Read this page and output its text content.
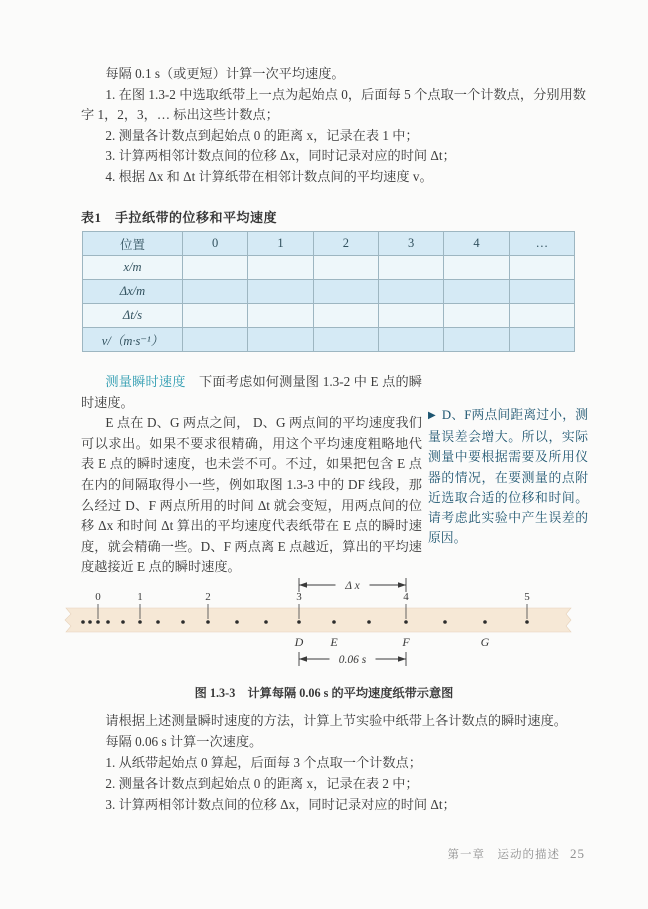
每隔 0.1 s（或更短）计算一次平均速度。

1. 在图 1.3-2 中选取纸带上一点为起始点 0，后面每 5 个点取一个计数点，分别用数字 1，2，3，… 标出这些计数点；

2. 测量各计数点到起始点 0 的距离 x，记录在表 1 中；

3. 计算两相邻计数点间的位移 Δx，同时记录对应的时间 Δt；

4. 根据 Δx 和 Δt 计算纸带在相邻计数点间的平均速度 v。

表1　手拉纸带的位移和平均速度
位置	0	1	2	3	4	…
x/m						
Δx/m						
Δt/s						
v/（m·s⁻¹）						

测量瞬时速度　下面考虑如何测量图 1.3-2 中 E 点的瞬时速度。

E 点在 D、G 两点之间， D、G 两点间的平均速度我们可以求出。如果不要求很精确，用这个平均速度粗略地代表 E 点的瞬时速度，也未尝不可。不过，如果把包含 E 点在内的间隔取得小一些，例如取图 1.3-3 中的 DF 线段，那么经过 D、F 两点所用的时间 Δt 就会变短，用两点间的位移 Δx 和时间 Δt 算出的平均速度代表纸带在 E 点的瞬时速度，就会精确一些。D、F 两点离 E 点越近，算出的平均速度越接近 E 点的瞬时速度。

▶ D、F两点间距离过小，测量误差会增大。所以，实际测量中要根据需要及所用仪器的情况，在要测量的点附近选取合适的位移和时间。请考虑此实验中产生误差的原因。
0	1	2	3	4	5
D E	F	G
Δ x
0.06 s
图 1.3-3　计算每隔 0.06 s 的平均速度纸带示意图

请根据上述测量瞬时速度的方法，计算上节实验中纸带上各计数点的瞬时速度。

每隔 0.06 s 计算一次速度。

1. 从纸带起始点 0 算起，后面每 3 个点取一个计数点；

2. 测量各计数点到起始点 0 的距离 x，记录在表 2 中；

3. 计算两相邻计数点间的位移 Δx，同时记录对应的时间 Δt；

第一章　 运动的描述 25
